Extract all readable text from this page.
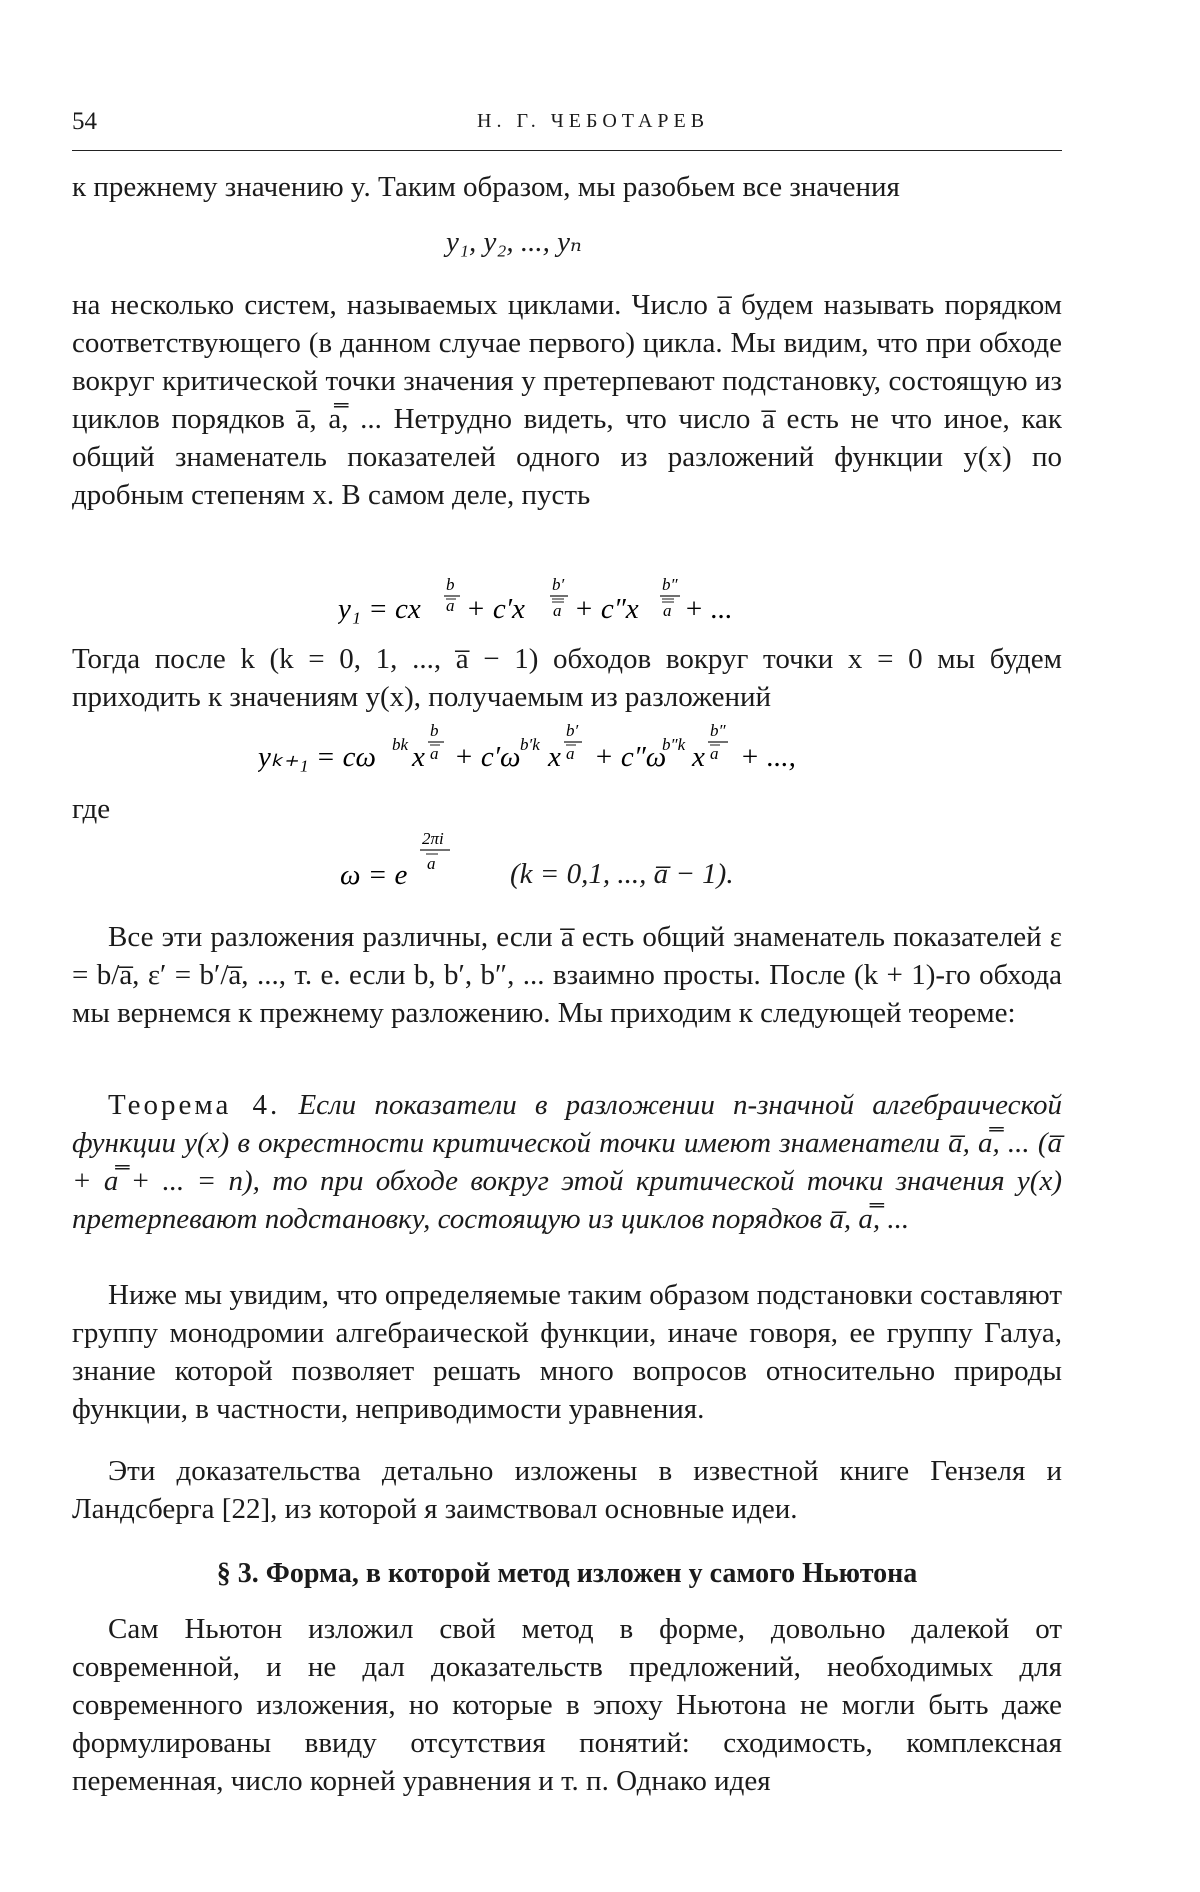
54	Н. Г. ЧЕБОТАРЕВ

к прежнему значению y. Таким образом, мы разобьем все значения

y₁, y₂, ..., yₙ

на несколько систем, называемых циклами. Число a̅ будем называть порядком соответствующего (в данном случае первого) цикла. Мы видим, что при обходе вокруг критической точки значения y претерпевают подстановку, состоящую из циклов порядков a̅, a̿, ... Нетрудно видеть, что число a̅ есть не что иное, как общий знаменатель показателей одного из разложений функции y(x) по дробным степеням x. В самом деле, пусть

y₁ = cx
b
a + c′x
b′
a + c″x
b″
a + ...

Тогда после k (k = 0, 1, ..., a̅ − 1) обходов вокруг точки x = 0 мы будем приходить к значениям y(x), получаемым из разложений

yₖ₊₁ = cω bk x
b
a + c′ω b′k x
b′
a + c″ω
b″k x
b″
a + ...,

где

ω = e
2πi
a	(k = 0,1, ..., a̅ − 1).

Все эти разложения различны, если a̅ есть общий знаменатель показателей ε = b/a̅, ε′ = b′/a̅, ..., т. е. если b, b′, b″, ... взаимно просты. После (k + 1)-го обхода мы вернемся к прежнему разложению. Мы приходим к следующей теореме:

Теорема 4. Если показатели в разложении n-значной алгебраической функции y(x) в окрестности критической точки имеют знаменатели a̅, a̿, ... (a̅ + a̿ + ... = n), то при обходе вокруг этой критической точки значения y(x) претерпевают подстановку, состоящую из циклов порядков a̅, a̿, ...

Ниже мы увидим, что определяемые таким образом подстановки составляют группу монодромии алгебраической функции, иначе говоря, ее группу Галуа, знание которой позволяет решать много вопросов относительно природы функции, в частности, неприводимости уравнения.

Эти доказательства детально изложены в известной книге Гензеля и Ландсберга [22], из которой я заимствовал основные идеи.

§ 3. Форма, в которой метод изложен у самого Ньютона

Сам Ньютон изложил свой метод в форме, довольно далекой от современной, и не дал доказательств предложений, необходимых для современного изложения, но которые в эпоху Ньютона не могли быть даже формулированы ввиду отсутствия понятий: сходимость, комплексная переменная, число корней уравнения и т. п. Однако идея
